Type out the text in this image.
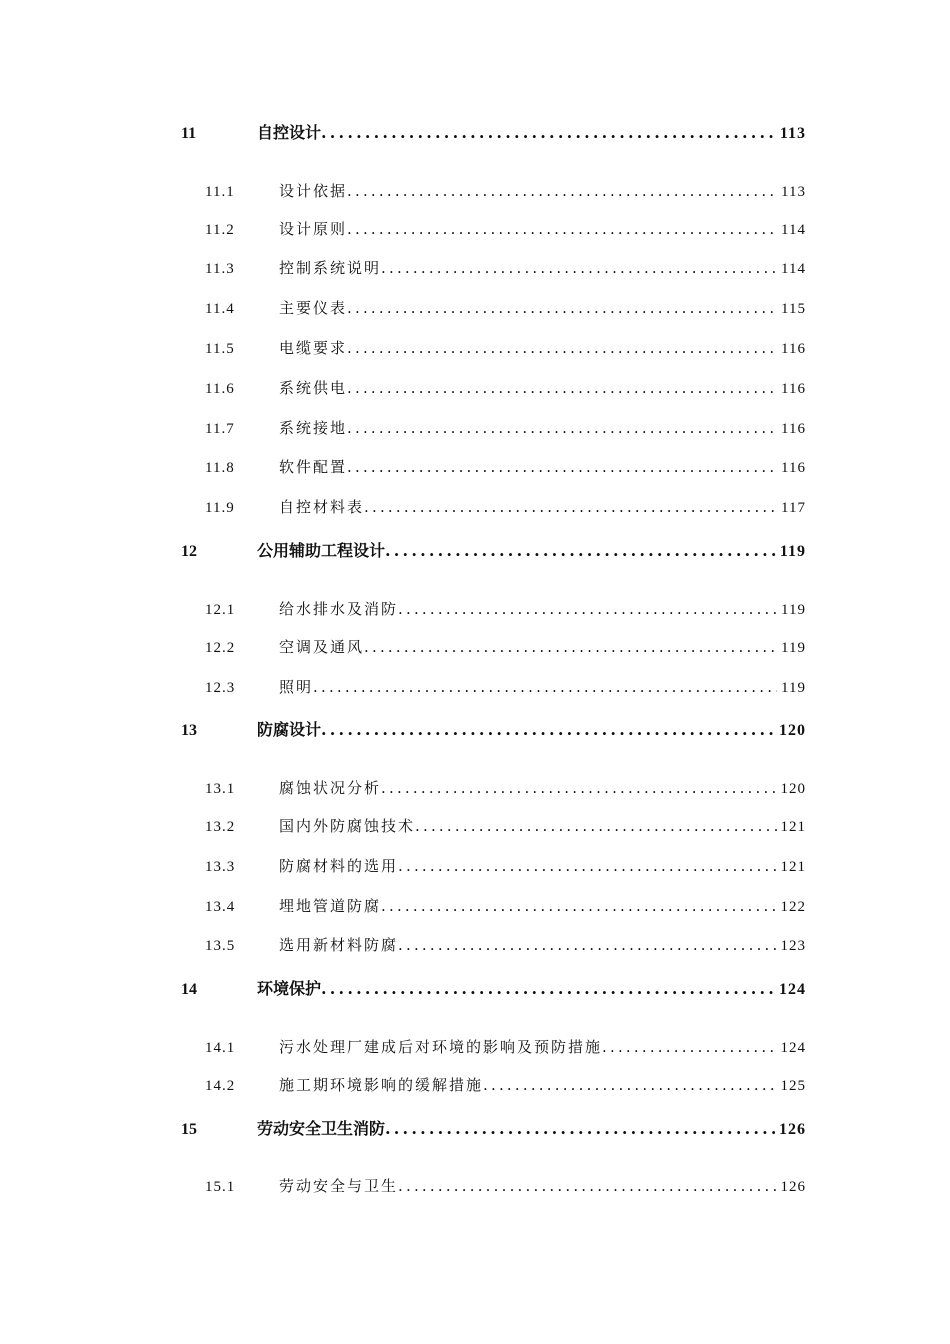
11	自控设计 .....	113
11.1	设计依据 .....	113
11.2	设计原则 .....	114
11.3	控制系统说明 .....	114
11.4	主要仪表 .....	115
11.5	电缆要求 .....	116
11.6	系统供电 .....	116
11.7	系统接地 .....	116
11.8	软件配置 .....	116
11.9	自控材料表 .....	117
12	公用辅助工程设计 .....	119
12.1	给水排水及消防 .....	119
12.2	空调及通风 .....	119
12.3	照明 .....	119
13	防腐设计 .....	120
13.1	腐蚀状况分析 .....	120
13.2	国内外防腐蚀技术 .....	121
13.3	防腐材料的选用 .....	121
13.4	埋地管道防腐 .....	122
13.5	选用新材料防腐 .....	123
14	环境保护 .....	124
14.1	污水处理厂建成后对环境的影响及预防措施 .....	124
14.2	施工期环境影响的缓解措施 .....	125
15	劳动安全卫生消防 .....	126
15.1	劳动安全与卫生 .....	126
